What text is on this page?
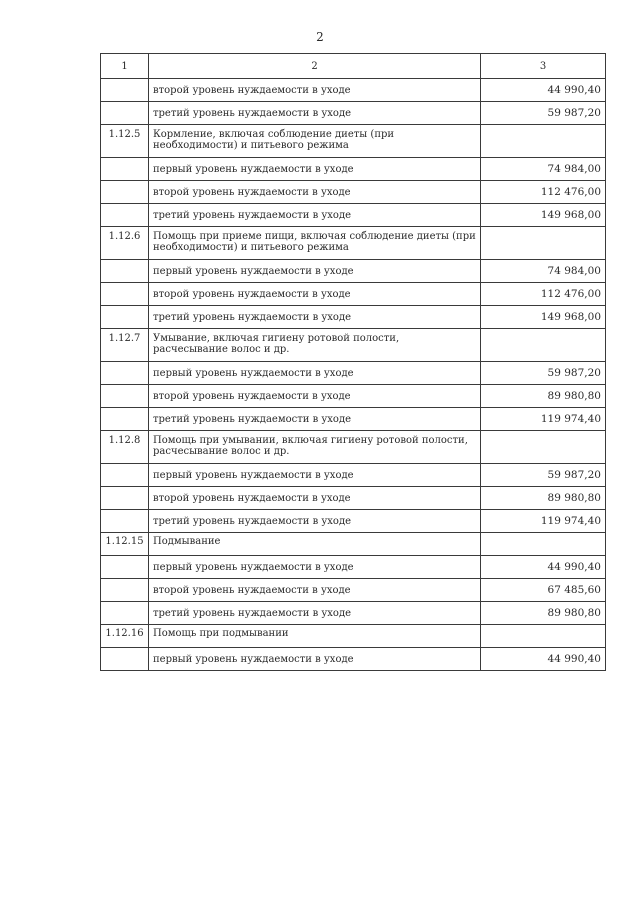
2
1	2	3
	второй уровень нуждаемости в уходе	44 990,40
	третий уровень нуждаемости в уходе	59 987,20
1.12.5	Кормление, включая соблюдение диеты (при необходимости) и питьевого режима	
	первый уровень нуждаемости в уходе	74 984,00
	второй уровень нуждаемости в уходе	112 476,00
	третий уровень нуждаемости в уходе	149 968,00
1.12.6	Помощь при приеме пищи, включая соблюдение диеты (при необходимости) и питьевого режима	
	первый уровень нуждаемости в уходе	74 984,00
	второй уровень нуждаемости в уходе	112 476,00
	третий уровень нуждаемости в уходе	149 968,00
1.12.7	Умывание, включая гигиену ротовой полости, расчесывание волос и др.	
	первый уровень нуждаемости в уходе	59 987,20
	второй уровень нуждаемости в уходе	89 980,80
	третий уровень нуждаемости в уходе	119 974,40
1.12.8	Помощь при умывании, включая гигиену ротовой полости, расчесывание волос и др.	
	первый уровень нуждаемости в уходе	59 987,20
	второй уровень нуждаемости в уходе	89 980,80
	третий уровень нуждаемости в уходе	119 974,40
1.12.15	Подмывание	
	первый уровень нуждаемости в уходе	44 990,40
	второй уровень нуждаемости в уходе	67 485,60
	третий уровень нуждаемости в уходе	89 980,80
1.12.16	Помощь при подмывании	
	первый уровень нуждаемости в уходе	44 990,40
